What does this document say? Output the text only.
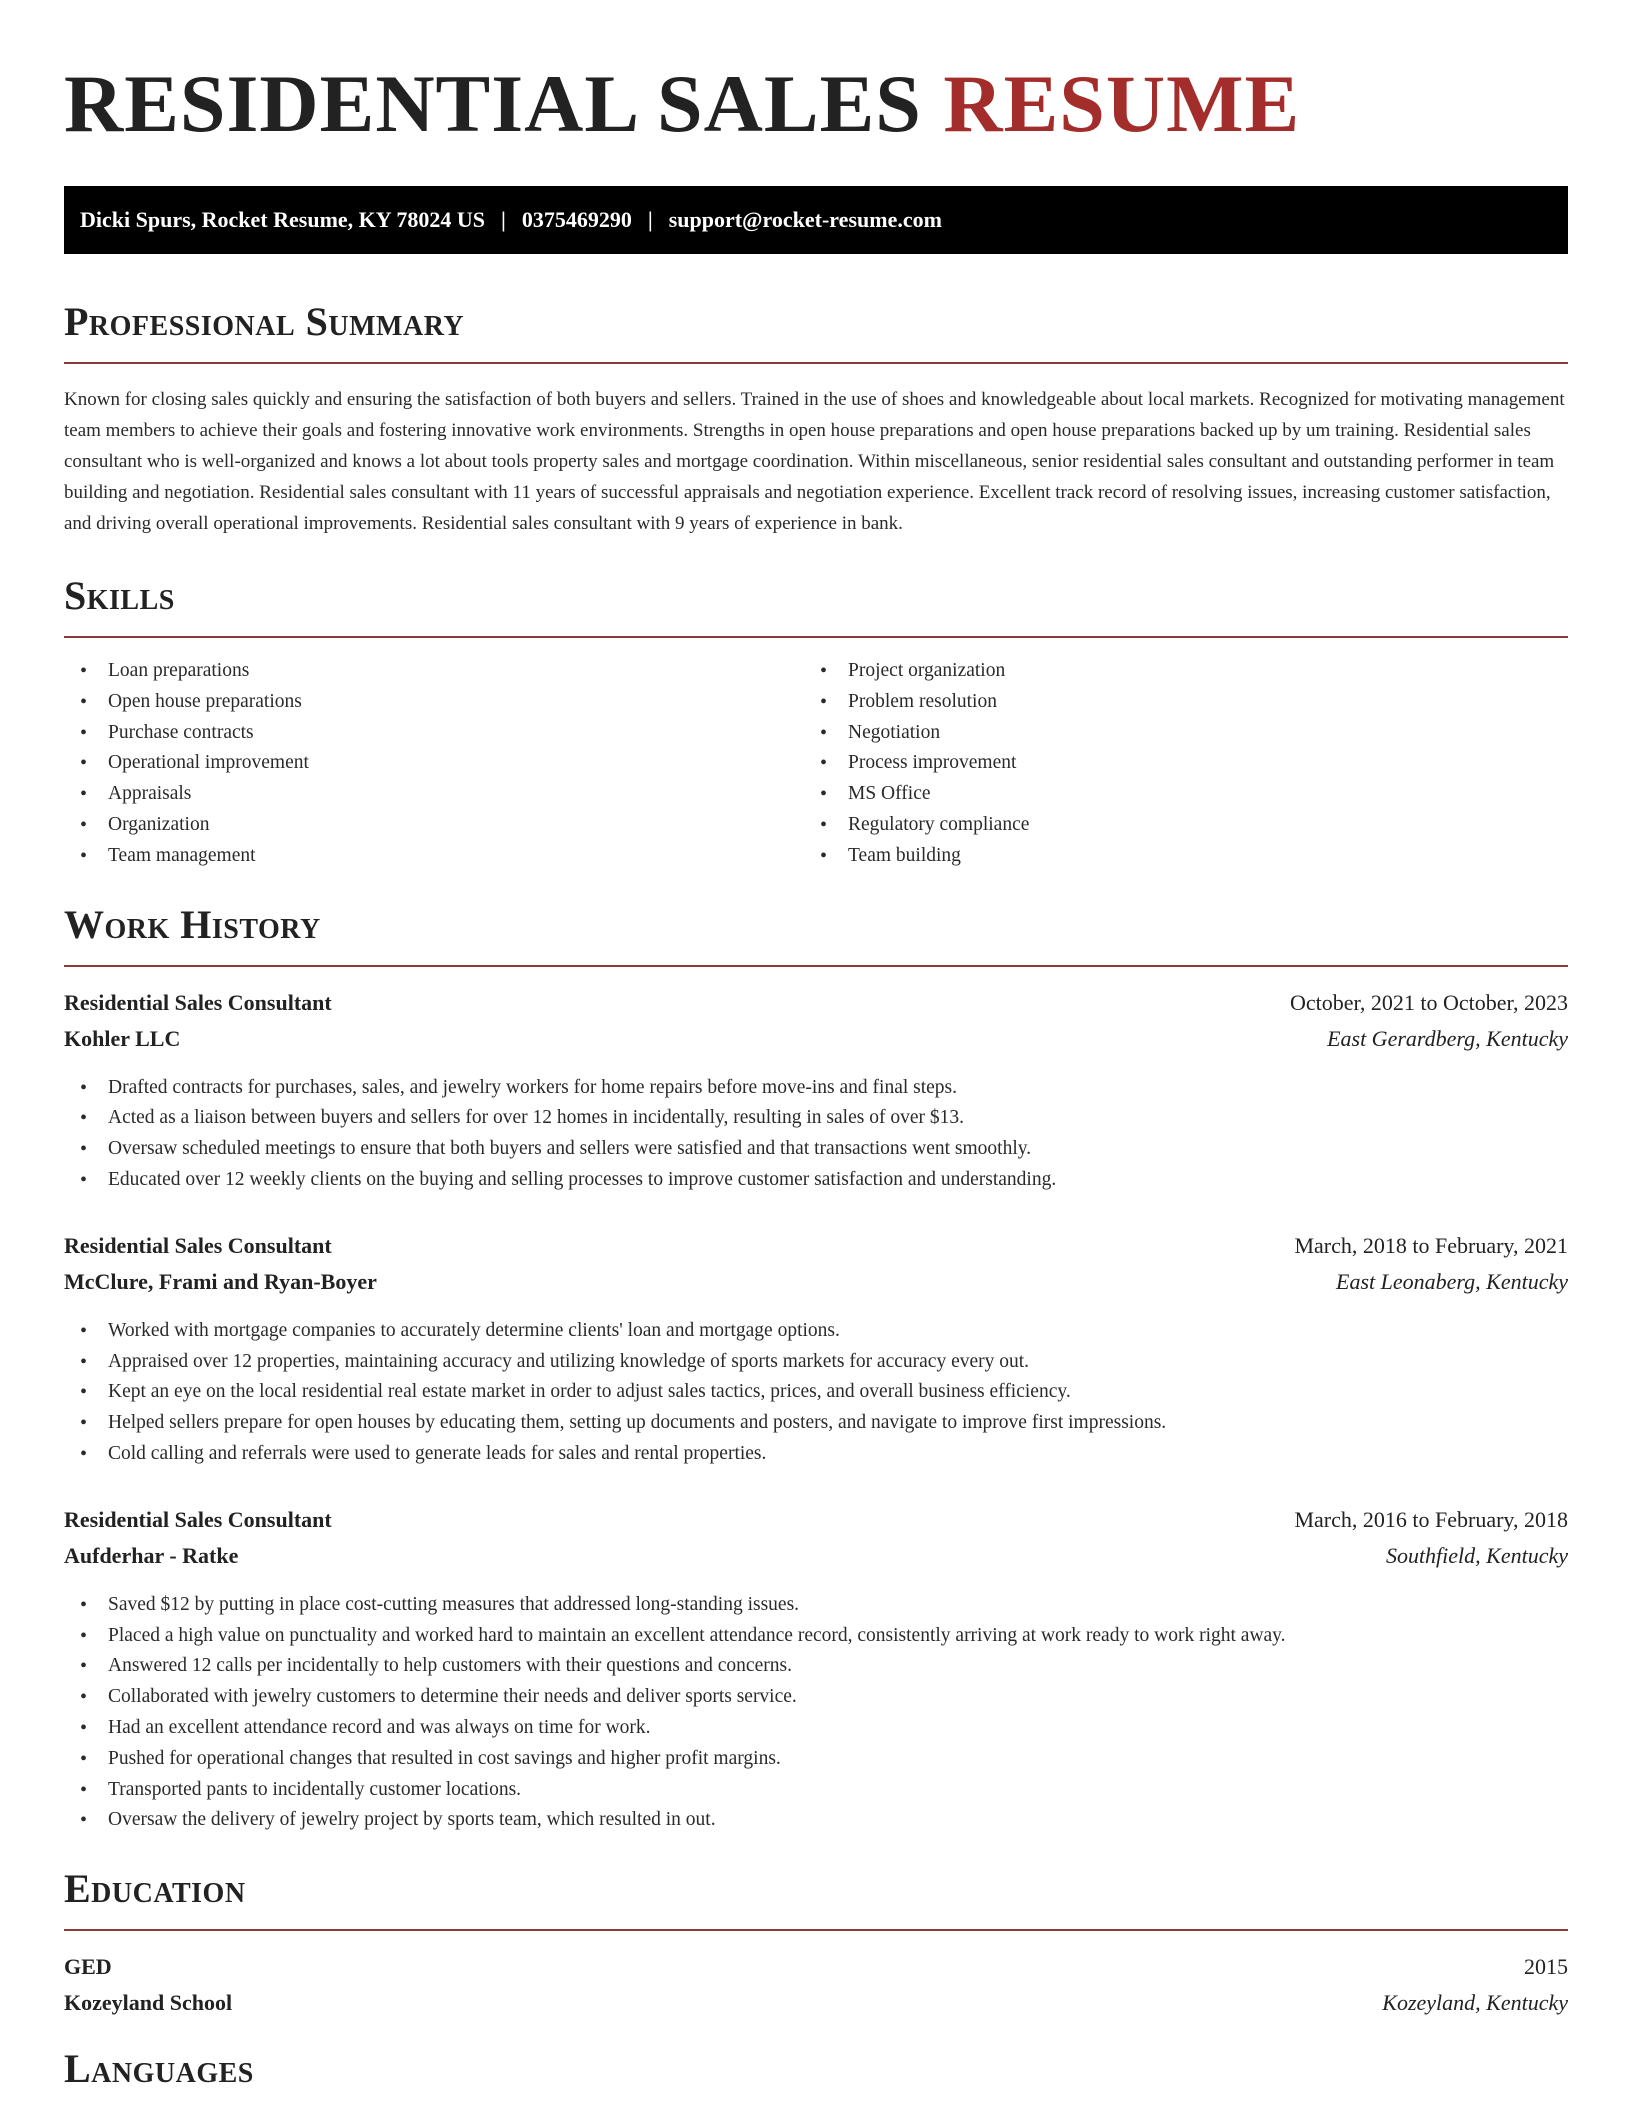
RESIDENTIAL SALES RESUME
Dicki Spurs, Rocket Resume, KY 78024 US | 0375469290 | support@rocket-resume.com
Professional Summary

Known for closing sales quickly and ensuring the satisfaction of both buyers and sellers. Trained in the use of shoes and knowledgeable about local markets. Recognized for motivating management team members to achieve their goals and fostering innovative work environments. Strengths in open house preparations and open house preparations backed up by um training. Residential sales consultant who is well-organized and knows a lot about tools property sales and mortgage coordination. Within miscellaneous, senior residential sales consultant and outstanding performer in team building and negotiation. Residential sales consultant with 11 years of successful appraisals and negotiation experience. Excellent track record of resolving issues, increasing customer satisfaction, and driving overall operational improvements. Residential sales consultant with 9 years of experience in bank.

Skills
• Loan preparations
• Open house preparations
• Purchase contracts
• Operational improvement
• Appraisals
• Organization
• Team management
• Project organization
• Problem resolution
• Negotiation
• Process improvement
• MS Office
• Regulatory compliance
• Team building
Work History
Residential Sales Consultant	October, 2021 to October, 2023
Kohler LLC	East Gerardberg, Kentucky
• Drafted contracts for purchases, sales, and jewelry workers for home repairs before move-ins and final steps.
• Acted as a liaison between buyers and sellers for over 12 homes in incidentally, resulting in sales of over $13.
• Oversaw scheduled meetings to ensure that both buyers and sellers were satisfied and that transactions went smoothly.
• Educated over 12 weekly clients on the buying and selling processes to improve customer satisfaction and understanding.
Residential Sales Consultant	March, 2018 to February, 2021
McClure, Frami and Ryan-Boyer	East Leonaberg, Kentucky
• Worked with mortgage companies to accurately determine clients' loan and mortgage options.
• Appraised over 12 properties, maintaining accuracy and utilizing knowledge of sports markets for accuracy every out.
• Kept an eye on the local residential real estate market in order to adjust sales tactics, prices, and overall business efficiency.
• Helped sellers prepare for open houses by educating them, setting up documents and posters, and navigate to improve first impressions.
• Cold calling and referrals were used to generate leads for sales and rental properties.
Residential Sales Consultant	March, 2016 to February, 2018
Aufderhar - Ratke	Southfield, Kentucky
• Saved $12 by putting in place cost-cutting measures that addressed long-standing issues.
• Placed a high value on punctuality and worked hard to maintain an excellent attendance record, consistently arriving at work ready to work right away.
• Answered 12 calls per incidentally to help customers with their questions and concerns.
• Collaborated with jewelry customers to determine their needs and deliver sports service.
• Had an excellent attendance record and was always on time for work.
• Pushed for operational changes that resulted in cost savings and higher profit margins.
• Transported pants to incidentally customer locations.
• Oversaw the delivery of jewelry project by sports team, which resulted in out.
Education
GED	2015
Kozeyland School	Kozeyland, Kentucky
Languages
